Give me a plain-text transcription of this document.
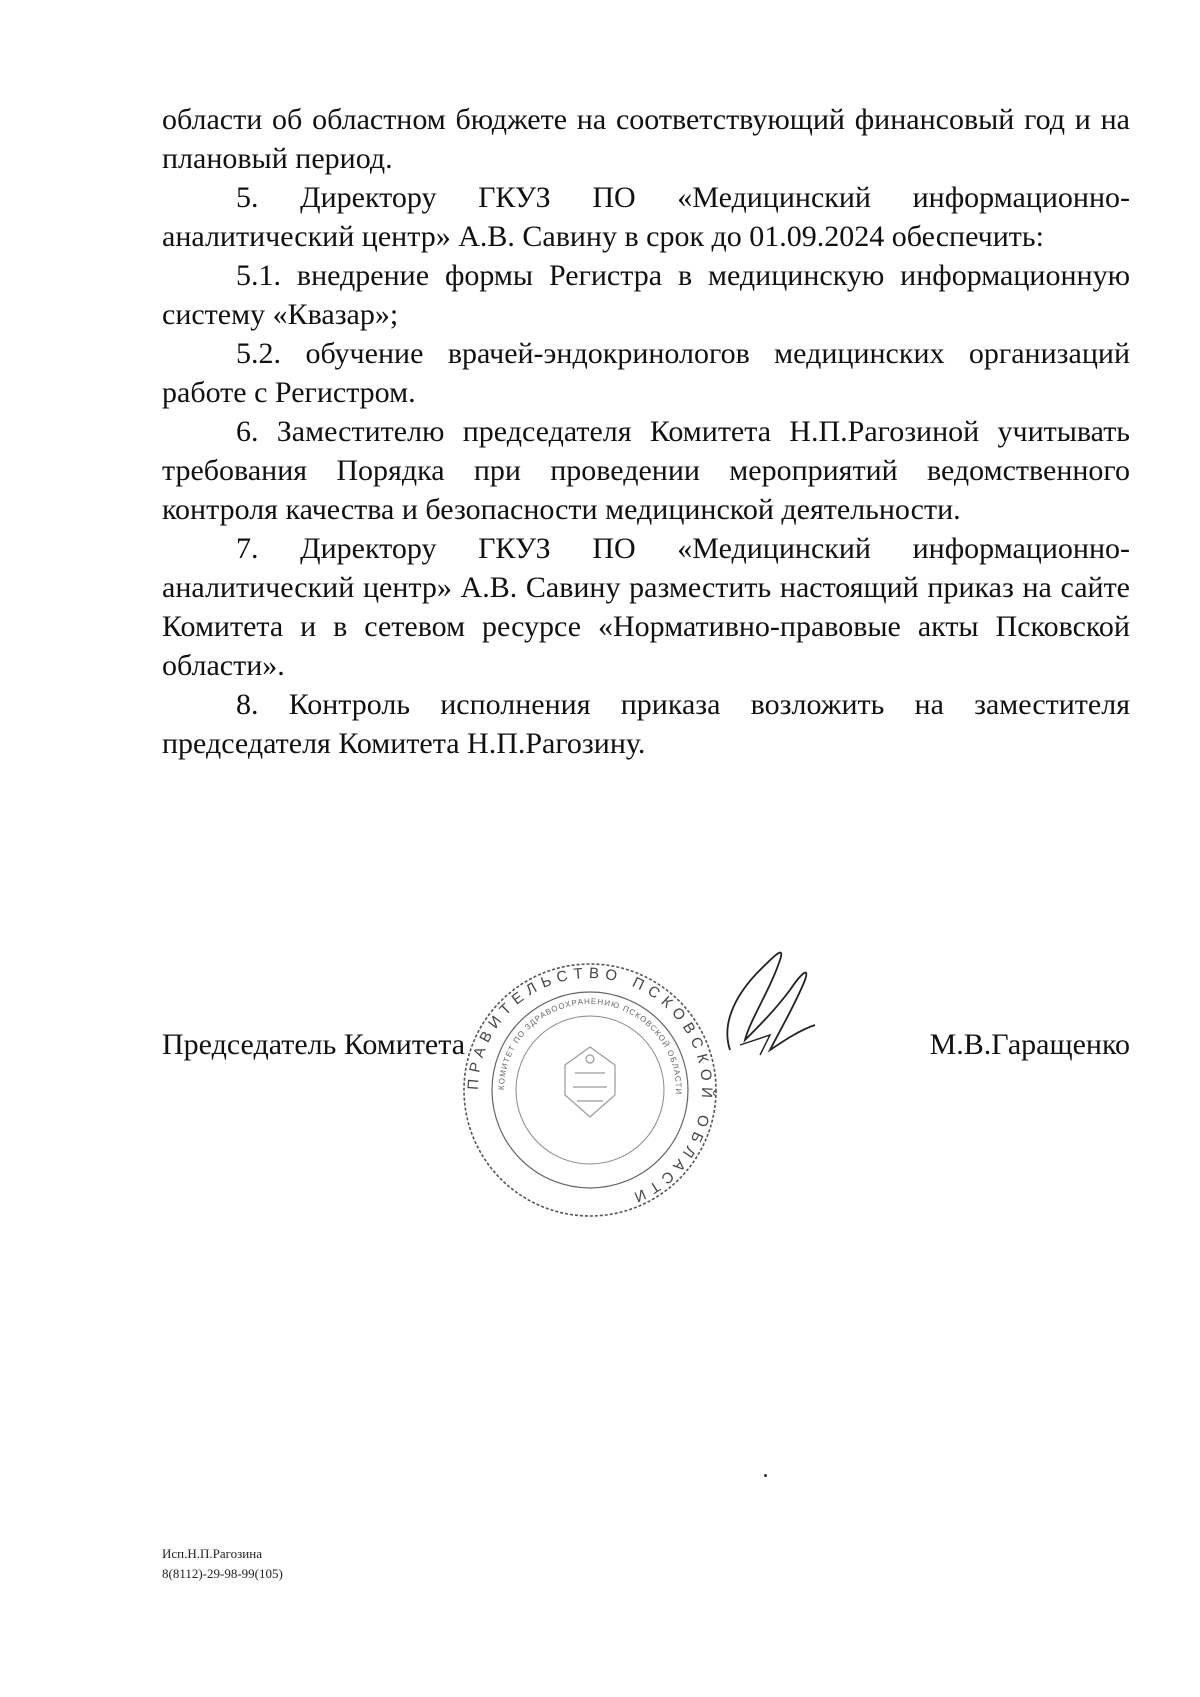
области об областном бюджете на соответствующий финансовый год и на плановый период.

5. Директору ГКУЗ ПО «Медицинский информационно-аналитический центр» А.В. Савину в срок до 01.09.2024 обеспечить:

5.1. внедрение формы Регистра в медицинскую информационную систему «Квазар»;

5.2. обучение врачей-эндокринологов медицинских организаций работе с Регистром.

6. Заместителю председателя Комитета Н.П.Рагозиной учитывать требования Порядка при проведении мероприятий ведомственного контроля качества и безопасности медицинской деятельности.

7. Директору ГКУЗ ПО «Медицинский информационно-аналитический центр» А.В. Савину разместить настоящий приказ на сайте Комитета и в сетевом ресурсе «Нормативно-правовые акты Псковской области».

8. Контроль исполнения приказа возложить на заместителя председателя Комитета Н.П.Рагозину.

Председатель Комитета
ПРАВИТЕЛЬСТВО ПСКОВСКОЙ ОБЛАСТИ
КОМИТЕТ ПО ЗДРАВООХРАНЕНИЮ ПСКОВСКОЙ ОБЛАСТИ
М.В.Гаращенко
Исп.Н.П.Рагозина
8(8112)-29-98-99(105)
